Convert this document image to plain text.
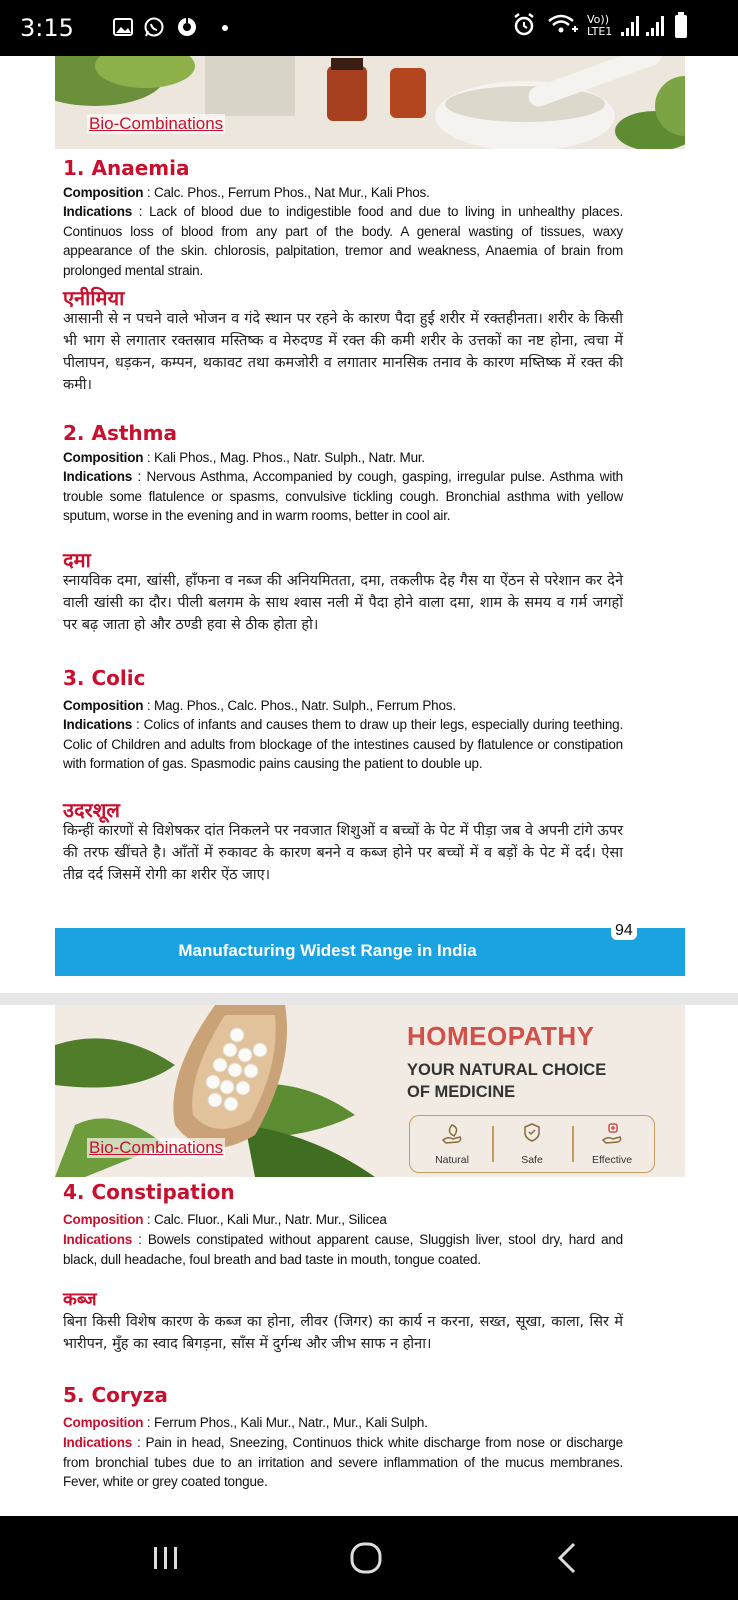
3:15	Vo))
LTE1
Bio-Combinations
1. Anaemia
Composition : Calc. Phos., Ferrum Phos., Nat Mur., Kali Phos.
Indications : Lack of blood due to indigestible food and due to living in unhealthy places. Continuos loss of blood from any part of the body. A general wasting of tissues, waxy appearance of the skin. chlorosis, palpitation, tremor and weakness, Anaemia of brain from prolonged mental strain.
एनीमिया
आसानी से न पचने वाले भोजन व गंदे स्थान पर रहने के कारण पैदा हुई शरीर में रक्तहीनता। शरीर के किसी भी भाग से लगातार रक्तस्राव मस्तिष्क व मेरुदण्ड में रक्त की कमी शरीर के उत्तकों का नष्ट होना, त्वचा में पीलापन, धड़कन, कम्पन, थकावट तथा कमजोरी व लगातार मानसिक तनाव के कारण मष्तिष्क में रक्त की कमी।
2. Asthma
Composition : Kali Phos., Mag. Phos., Natr. Sulph., Natr. Mur.
Indications : Nervous Asthma, Accompanied by cough, gasping, irregular pulse. Asthma with trouble some flatulence or spasms, convulsive tickling cough. Bronchial asthma with yellow sputum, worse in the evening and in warm rooms, better in cool air.
दमा
स्नायविक दमा, खांसी, हाँफना व नब्ज की अनियमितता, दमा, तकलीफ देह गैस या ऐंठन से परेशान कर देने वाली खांसी का दौर। पीली बलगम के साथ श्वास नली में पैदा होने वाला दमा, शाम के समय व गर्म जगहों पर बढ़ जाता हो और ठण्डी हवा से ठीक होता हो।
3. Colic
Composition : Mag. Phos., Calc. Phos., Natr. Sulph., Ferrum Phos.
Indications : Colics of infants and causes them to draw up their legs, especially during teething. Colic of Children and adults from blockage of the intestines caused by flatulence or constipation with formation of gas. Spasmodic pains causing the patient to double up.
उदरशूल
किन्हीं कारणों से विशेषकर दांत निकलने पर नवजात शिशुओं व बच्चों के पेट में पीड़ा जब वे अपनी टांगे ऊपर की तरफ खींचते है। आँतों में रुकावट के कारण बनने व कब्ज होने पर बच्चों में व बड़ों के पेट में दर्द। ऐसा तीव्र दर्द जिसमें रोगी का शरीर ऐंठ जाए।
Manufacturing Widest Range in India
94
HOMEOPATHY
YOUR NATURAL CHOICE
OF MEDICINE
Natural	Safe	Effective
Bio-Combinations
4. Constipation
Composition : Calc. Fluor., Kali Mur., Natr. Mur., Silicea
Indications : Bowels constipated without apparent cause, Sluggish liver, stool dry, hard and black, dull headache, foul breath and bad taste in mouth, tongue coated.
कब्ज
बिना किसी विशेष कारण के कब्ज का होना, लीवर (जिगर) का कार्य न करना, सख्त, सूखा, काला, सिर में भारीपन, मुँह का स्वाद बिगड़ना, साँस में दुर्गन्ध और जीभ साफ न होना।
5. Coryza
Composition : Ferrum Phos., Kali Mur., Natr., Mur., Kali Sulph.
Indications : Pain in head, Sneezing, Continuos thick white discharge from nose or discharge from bronchial tubes due to an irritation and severe inflammation of the mucus membranes. Fever, white or grey coated tongue.
